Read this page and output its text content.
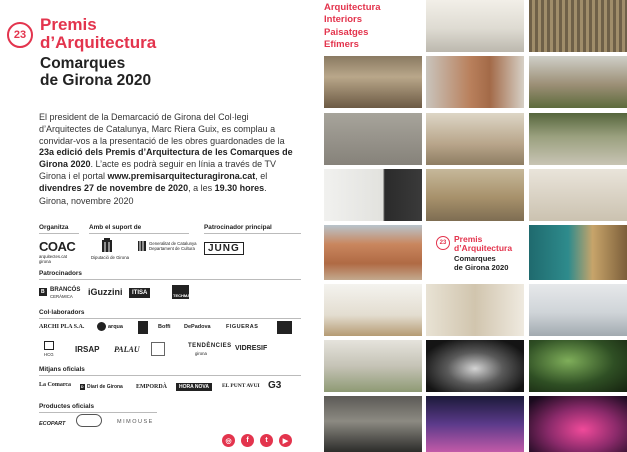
23
Premis
d’Arquitectura
Comarques
de Girona 2020

El president de la Demarcació de Girona del Col·legi d’Arquitectes de Catalunya, Marc Riera Guix, es complau a convidar-vos a la presentació de les obres guardonades de la 23a edició dels Premis d’Arquitectura de les Comarques de Girona 2020. L’acte es podrà seguir en línia a través de TV Girona i el portal www.premisarquitecturagirona.cat, el divendres 27 de novembre de 2020, a les 19.30 hores.

Girona, novembre 2020
Organitza	Amb el suport de	Patrocinador principal
COAC
arquitectes.cat girona
Diputació de Girona
Generalitat de Catalunya
Departament de Cultura	JUNG
Patrocinadors
B BRANCÓS
CERÀMICA iGuzzini	ITISA	TECHMAL
Col·laboradors
ARCHI PLA S.A.	arqua	Boffi DePadova	FIGUERAS
HCG
IRSAP PALAU	TENDÈNCIES
girona
VIDRESIF
Mitjans oficials
La Comarca	D Diari de Girona EMPORDÀ	HORA NOVA	EL PUNT AVUI G3
Productes oficials
ECOPART	MIMOUSE
◎ f t ▶
Arquitectura
Interiors
Paisatges
Efímers
23 Premis
d’Arquitectura
Comarques
de Girona 2020
